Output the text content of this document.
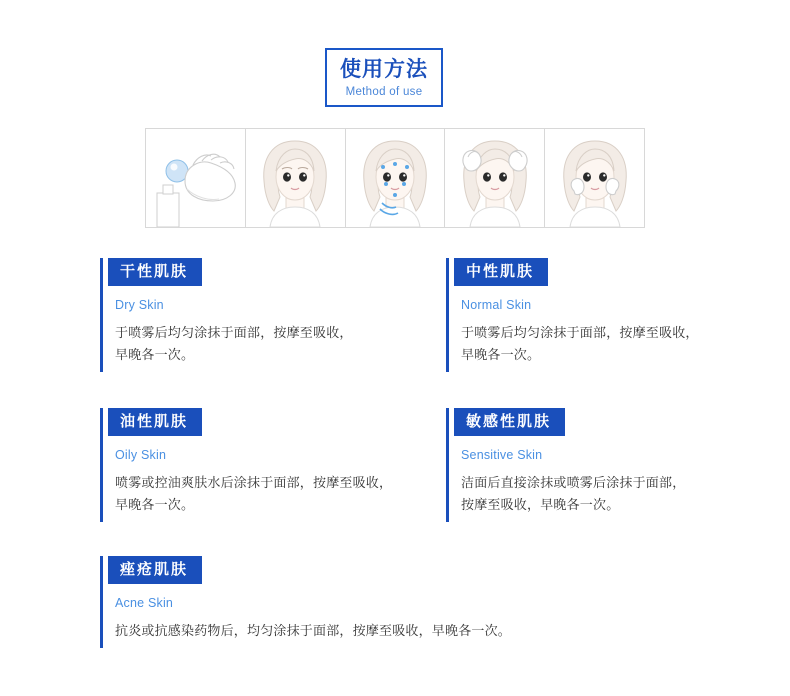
使用方法
Method of use
干性肌肤
Dry Skin
于喷雾后均匀涂抹于面部，按摩至吸收，
早晚各一次。
中性肌肤
Normal Skin
于喷雾后均匀涂抹于面部，按摩至吸收，
早晚各一次。
油性肌肤
Oily Skin
喷雾或控油爽肤水后涂抹于面部，按摩至吸收，
早晚各一次。
敏感性肌肤
Sensitive Skin
洁面后直接涂抹或喷雾后涂抹于面部，
按摩至吸收，早晚各一次。
痤疮肌肤
Acne Skin
抗炎或抗感染药物后，均匀涂抹于面部，按摩至吸收，早晚各一次。
